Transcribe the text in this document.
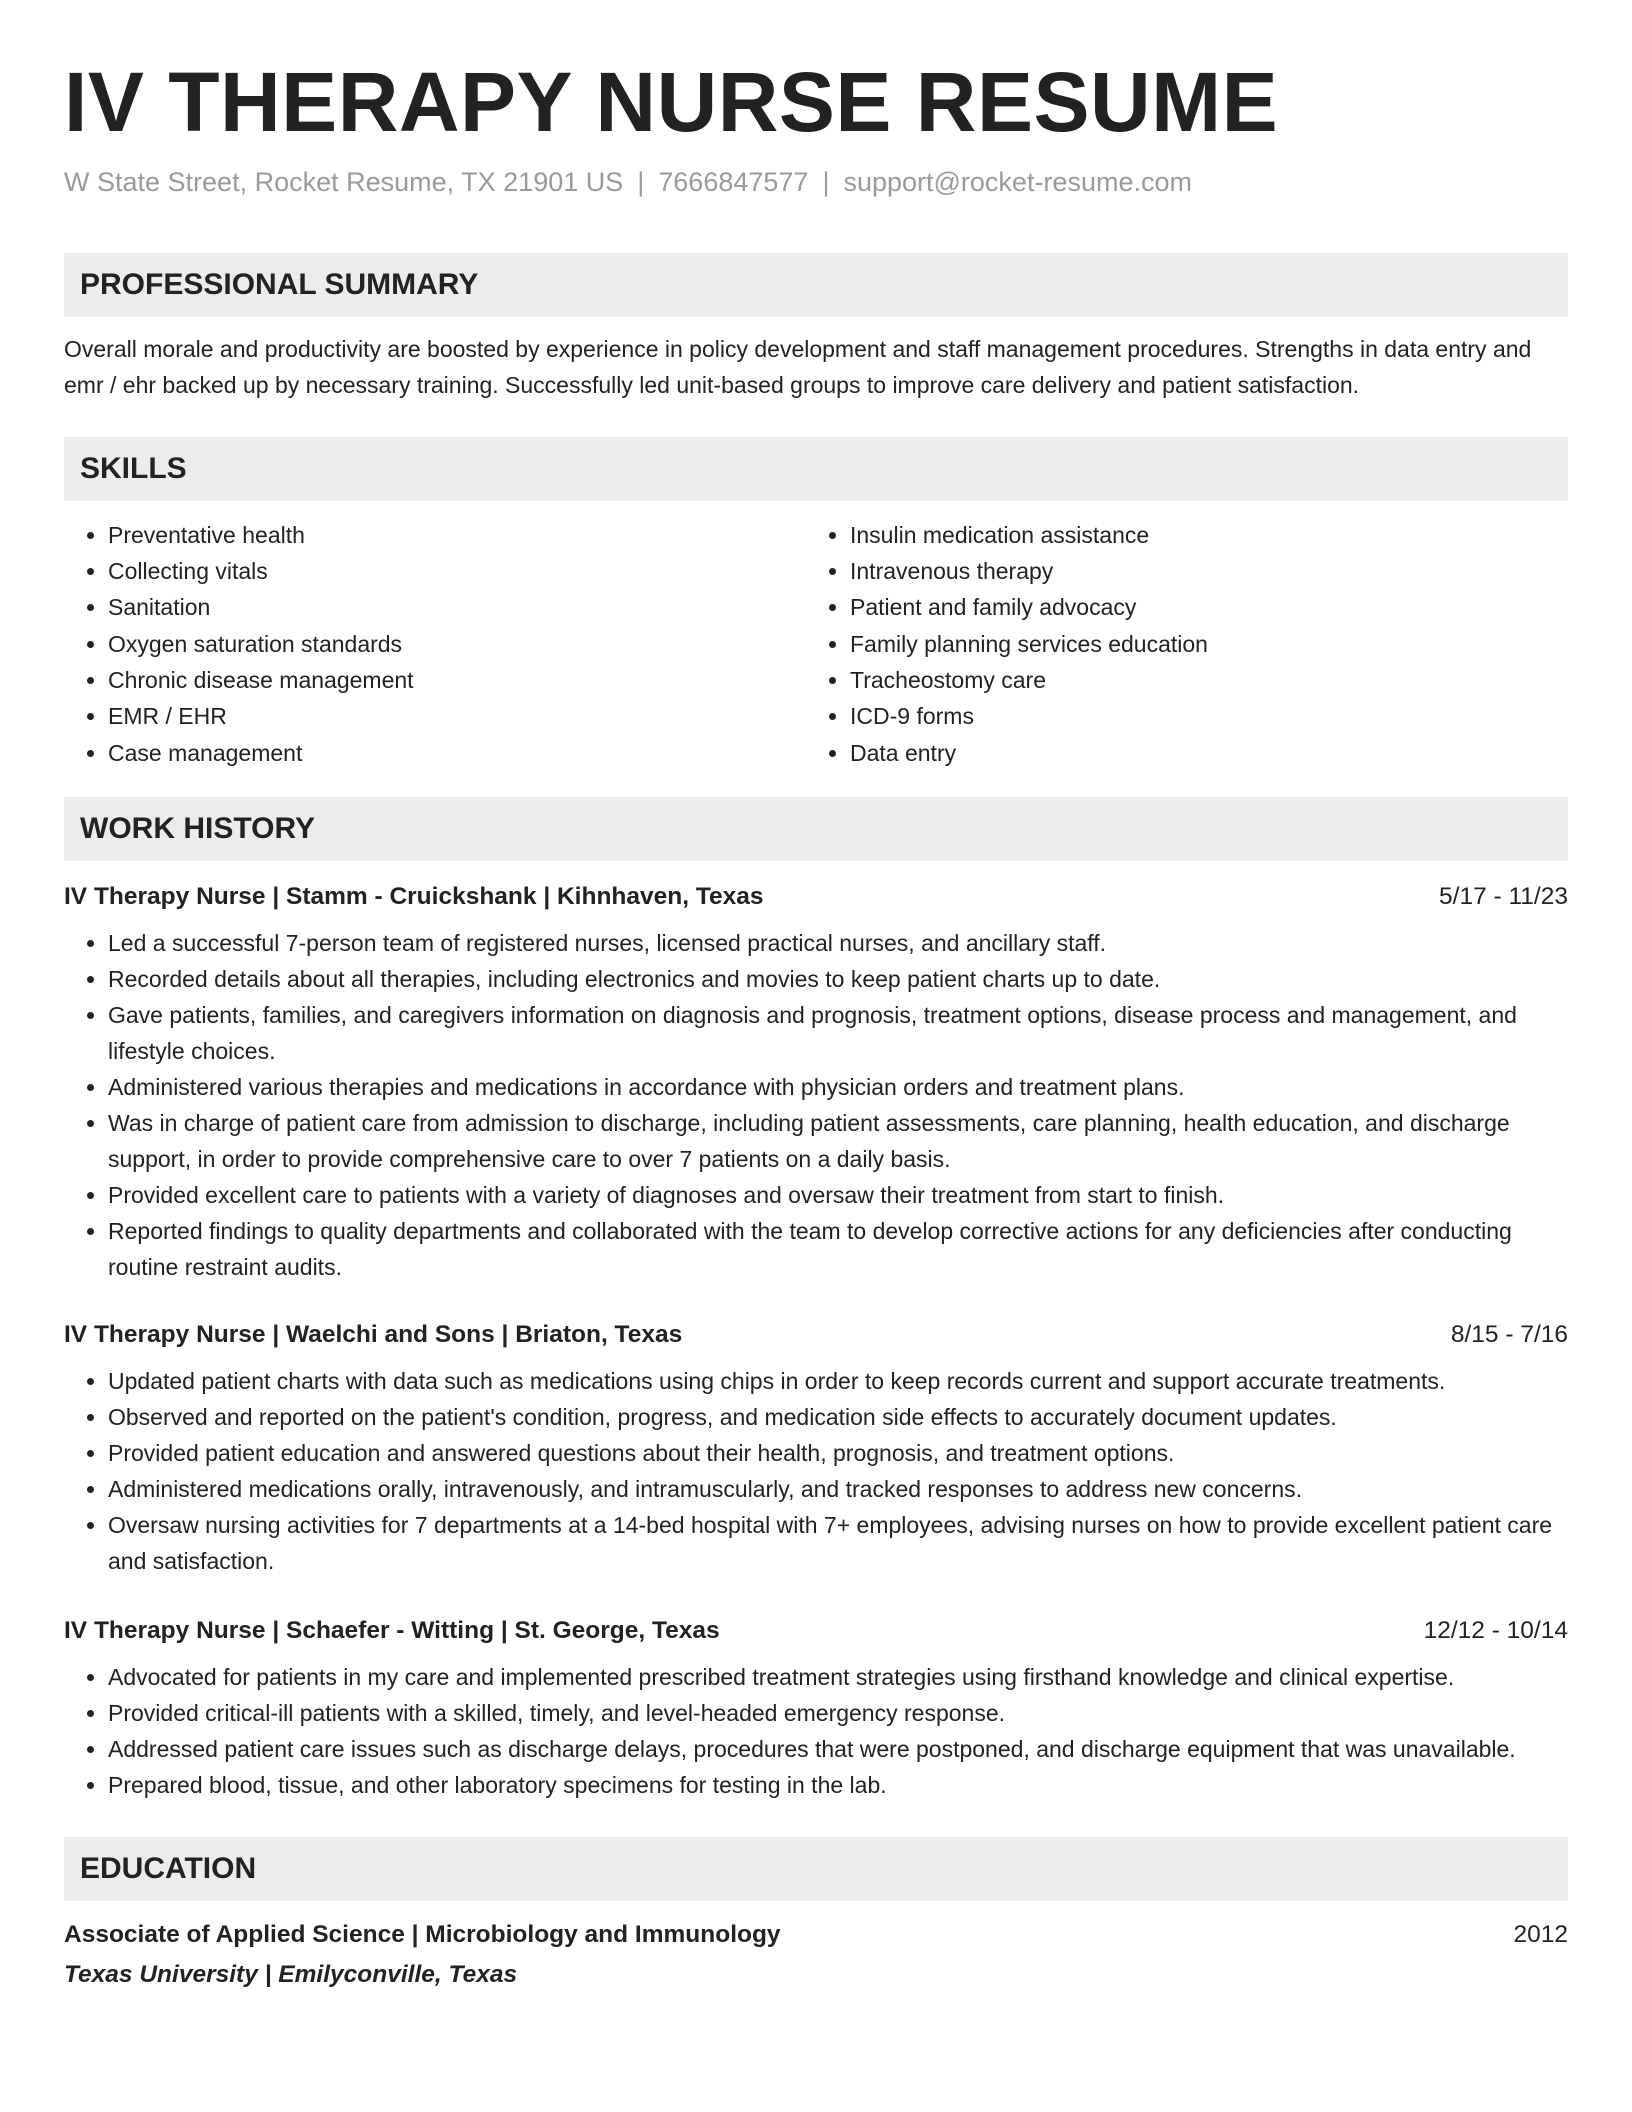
IV THERAPY NURSE RESUME
W State Street, Rocket Resume, TX 21901 US | 7666847577 | support@rocket-resume.com
PROFESSIONAL SUMMARY

Overall morale and productivity are boosted by experience in policy development and staff management procedures. Strengths in data entry and emr / ehr backed up by necessary training. Successfully led unit-based groups to improve care delivery and patient satisfaction.

SKILLS
• Preventative health
• Collecting vitals
• Sanitation
• Oxygen saturation standards
• Chronic disease management
• EMR / EHR
• Case management
• Insulin medication assistance
• Intravenous therapy
• Patient and family advocacy
• Family planning services education
• Tracheostomy care
• ICD-9 forms
• Data entry
WORK HISTORY
IV Therapy Nurse | Stamm - Cruickshank | Kihnhaven, Texas	5/17 - 11/23
• Led a successful 7-person team of registered nurses, licensed practical nurses, and ancillary staff.
• Recorded details about all therapies, including electronics and movies to keep patient charts up to date.
• Gave patients, families, and caregivers information on diagnosis and prognosis, treatment options, disease process and management, and lifestyle choices.
• Administered various therapies and medications in accordance with physician orders and treatment plans.
• Was in charge of patient care from admission to discharge, including patient assessments, care planning, health education, and discharge support, in order to provide comprehensive care to over 7 patients on a daily basis.
• Provided excellent care to patients with a variety of diagnoses and oversaw their treatment from start to finish.
• Reported findings to quality departments and collaborated with the team to develop corrective actions for any deficiencies after conducting routine restraint audits.
IV Therapy Nurse | Waelchi and Sons | Briaton, Texas	8/15 - 7/16
• Updated patient charts with data such as medications using chips in order to keep records current and support accurate treatments.
• Observed and reported on the patient's condition, progress, and medication side effects to accurately document updates.
• Provided patient education and answered questions about their health, prognosis, and treatment options.
• Administered medications orally, intravenously, and intramuscularly, and tracked responses to address new concerns.
• Oversaw nursing activities for 7 departments at a 14-bed hospital with 7+ employees, advising nurses on how to provide excellent patient care and satisfaction.
IV Therapy Nurse | Schaefer - Witting | St. George, Texas	12/12 - 10/14
• Advocated for patients in my care and implemented prescribed treatment strategies using firsthand knowledge and clinical expertise.
• Provided critical-ill patients with a skilled, timely, and level-headed emergency response.
• Addressed patient care issues such as discharge delays, procedures that were postponed, and discharge equipment that was unavailable.
• Prepared blood, tissue, and other laboratory specimens for testing in the lab.
EDUCATION
Associate of Applied Science | Microbiology and Immunology	2012
Texas University | Emilyconville, Texas
